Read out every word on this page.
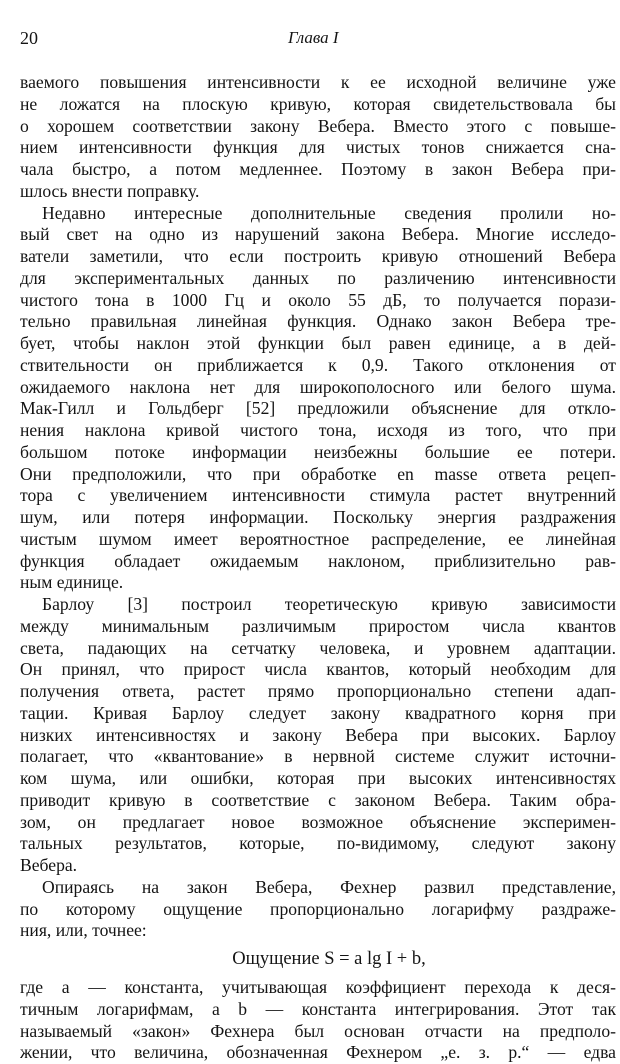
20	Глава I
ваемого повышения интенсивности к ее исходной величине уже
не ложатся на плоскую кривую, которая свидетельствовала бы
о хорошем соответствии закону Вебера. Вместо этого с повыше-
нием интенсивности функция для чистых тонов снижается сна-
чала быстро, а потом медленнее. Поэтому в закон Вебера при-
шлось внести поправку.
Недавно интересные дополнительные сведения пролили но-
вый свет на одно из нарушений закона Вебера. Многие исследо-
ватели заметили, что если построить кривую отношений Вебера
для экспериментальных данных по различению интенсивности
чистого тона в 1000 Гц и около 55 дБ, то получается порази-
тельно правильная линейная функция. Однако закон Вебера тре-
бует, чтобы наклон этой функции был равен единице, а в дей-
ствительности он приближается к 0,9. Такого отклонения от
ожидаемого наклона нет для широкополосного или белого шума.
Мак-Гилл и Гольдберг [52] предложили объяснение для откло-
нения наклона кривой чистого тона, исходя из того, что при
большом потоке информации неизбежны большие ее потери.
Они предположили, что при обработке en masse ответа рецеп-
тора с увеличением интенсивности стимула растет внутренний
шум, или потеря информации. Поскольку энергия раздражения
чистым шумом имеет вероятностное распределение, ее линейная
функция обладает ожидаемым наклоном, приблизительно рав-
ным единице.
Барлоу [3] построил теоретическую кривую зависимости
между минимальным различимым приростом числа квантов
света, падающих на сетчатку человека, и уровнем адаптации.
Он принял, что прирост числа квантов, который необходим для
получения ответа, растет прямо пропорционально степени адап-
тации. Кривая Барлоу следует закону квадратного корня при
низких интенсивностях и закону Вебера при высоких. Барлоу
полагает, что «квантование» в нервной системе служит источни-
ком шума, или ошибки, которая при высоких интенсивностях
приводит кривую в соответствие с законом Вебера. Таким обра-
зом, он предлагает новое возможное объяснение эксперимен-
тальных результатов, которые, по-видимому, следуют закону
Вебера.
Опираясь на закон Вебера, Фехнер развил представление,
по которому ощущение пропорционально логарифму раздраже-
ния, или, точнее:
Ощущение S = a lg I + b,
где a — константа, учитывающая коэффициент перехода к деся-
тичным логарифмам, а b — константа интегрирования. Этот так
называемый «закон» Фехнера был основан отчасти на предполо-
жении, что величина, обозначенная Фехнером „е. з. р.“ — едва
